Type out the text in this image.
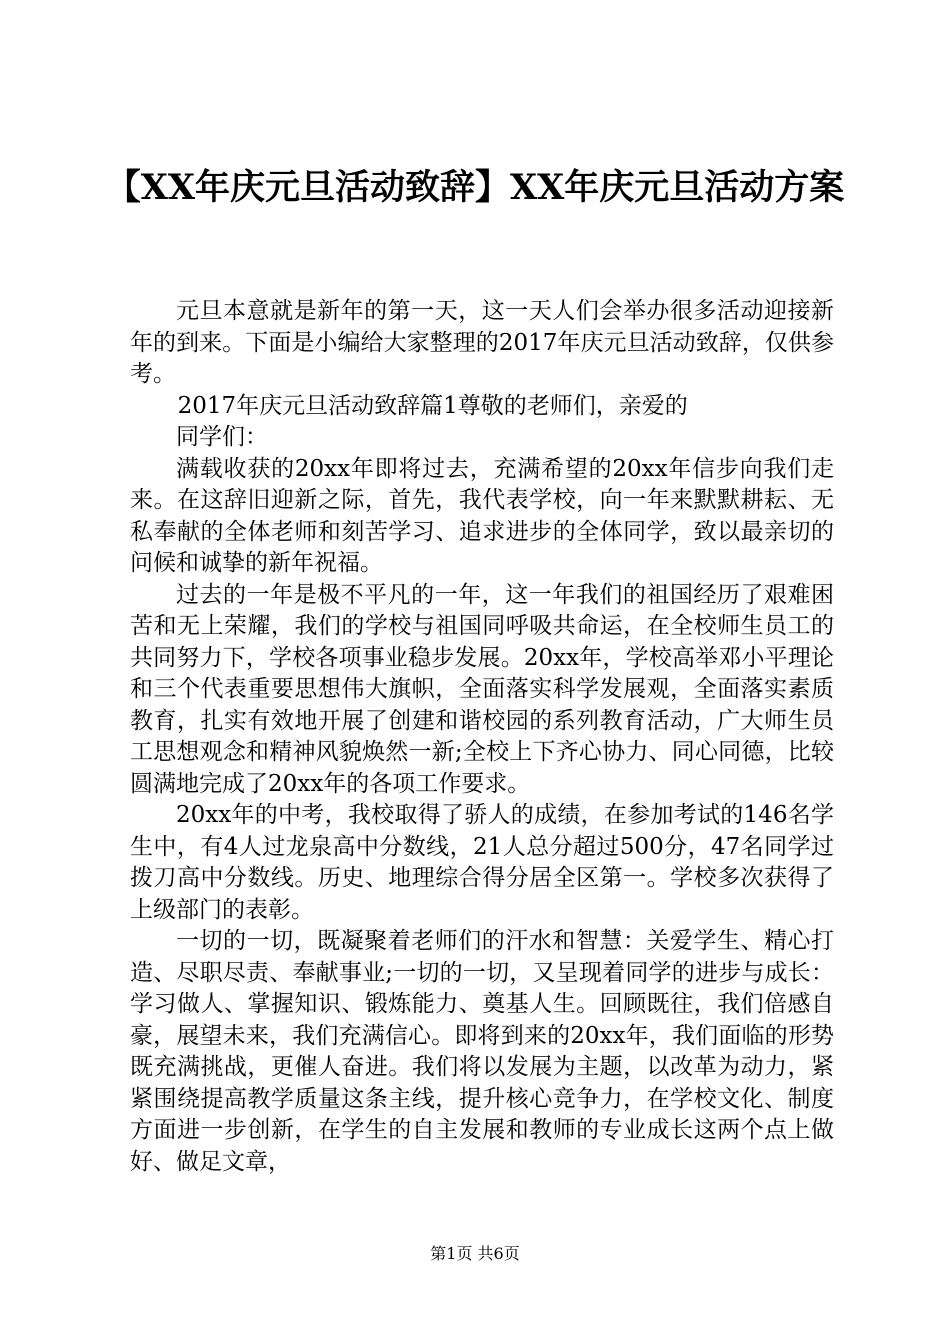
【XX年庆元旦活动致辞】XX年庆元旦活动方案

元旦本意就是新年的第一天，这一天人们会举办很多活动迎接新年的到来。下面是小编给大家整理的2017年庆元旦活动致辞，仅供参考。

2017年庆元旦活动致辞篇1尊敬的老师们，亲爱的

同学们：

满载收获的20xx年即将过去，充满希望的20xx年信步向我们走来。在这辞旧迎新之际，首先，我代表学校，向一年来默默耕耘、无私奉献的全体老师和刻苦学习、追求进步的全体同学，致以最亲切的问候和诚挚的新年祝福。

过去的一年是极不平凡的一年，这一年我们的祖国经历了艰难困苦和无上荣耀，我们的学校与祖国同呼吸共命运，在全校师生员工的共同努力下，学校各项事业稳步发展。20xx年，学校高举邓小平理论和三个代表重要思想伟大旗帜，全面落实科学发展观，全面落实素质教育，扎实有效地开展了创建和谐校园的系列教育活动，广大师生员工思想观念和精神风貌焕然一新;全校上下齐心协力、同心同德，比较圆满地完成了20xx年的各项工作要求。

20xx年的中考，我校取得了骄人的成绩，在参加考试的146名学生中，有4人过龙泉高中分数线，21人总分超过500分，47名同学过拨刀高中分数线。历史、地理综合得分居全区第一。学校多次获得了上级部门的表彰。

一切的一切，既凝聚着老师们的汗水和智慧：关爱学生、精心打造、尽职尽责、奉献事业;一切的一切，又呈现着同学的进步与成长：学习做人、掌握知识、锻炼能力、奠基人生。回顾既往，我们倍感自豪，展望未来，我们充满信心。即将到来的20xx年，我们面临的形势既充满挑战，更催人奋进。我们将以发展为主题，以改革为动力，紧紧围绕提高教学质量这条主线，提升核心竞争力，在学校文化、制度方面进一步创新，在学生的自主发展和教师的专业成长这两个点上做好、做足文章，

第1页 共6页
